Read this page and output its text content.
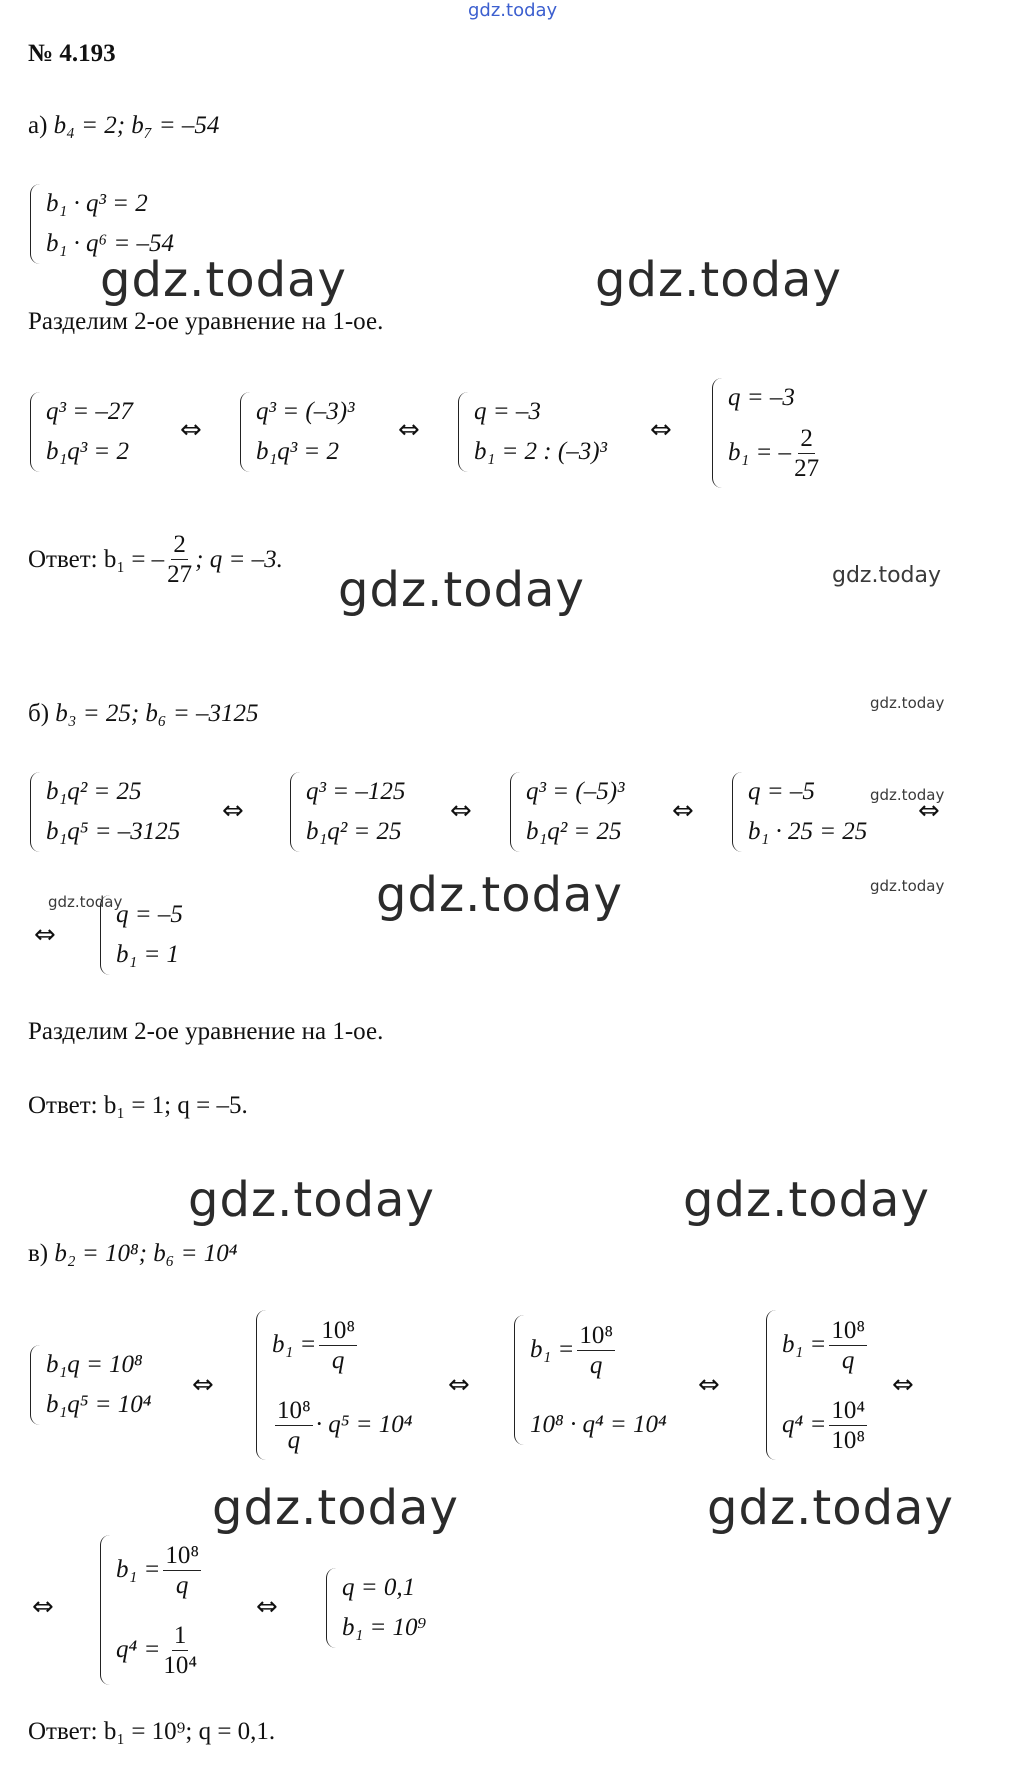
gdz.today
gdz.today	gdz.today
gdz.today	gdz.today
gdz.today
gdz.today
gdz.today	gdz.today	gdz.today
gdz.today	gdz.today
gdz.today	gdz.today
№ 4.193
а) b₄ = 2; b₇ = –54
b₁ · q³ = 2
b₁ · q⁶ = –54
Разделим 2-ое уравнение на 1-ое.
q³ = –27
b₁q³ = 2
⇔
q³ = (–3)³
b₁q³ = 2
⇔
q = –3
b₁ = 2 : (–3)³
⇔
q = –3
b₁ = – $\frac{2}{27}$
Ответ: b₁ = – $\frac{2}{27}$ ; q = –3.
б) b₃ = 25; b₆ = –3125
b₁q² = 25
b₁q⁵ = –3125
⇔
q³ = –125
b₁q² = 25
⇔
q³ = (–5)³
b₁q² = 25
⇔
q = –5
b₁ · 25 = 25
⇔
⇔
q = –5
b₁ = 1
Разделим 2-ое уравнение на 1-ое.
Ответ: b₁ = 1; q = –5.
в) b₂ = 10⁸; b₆ = 10⁴
b₁q = 10⁸
b₁q⁵ = 10⁴
⇔
$b_1 = \frac{\text{10⁸}}{q}$
$\frac{\text{10⁸}}{q} \cdot q^5 = 10^4$
⇔
$b_1 = \frac{\text{10⁸}}{q}$
10⁸ · q⁴ = 10⁴
⇔
$b_1 = \frac{\text{10⁸}}{q}$
$q^4 = \frac{\text{10⁴}}{\text{10⁸}}$
⇔
⇔
$b_1 = \frac{\text{10⁸}}{q}$
$q^4 = \frac{1}{\text{10⁴}}$
⇔
q = 0,1
b₁ = 10⁹
Ответ: b₁ = 10⁹; q = 0,1.
